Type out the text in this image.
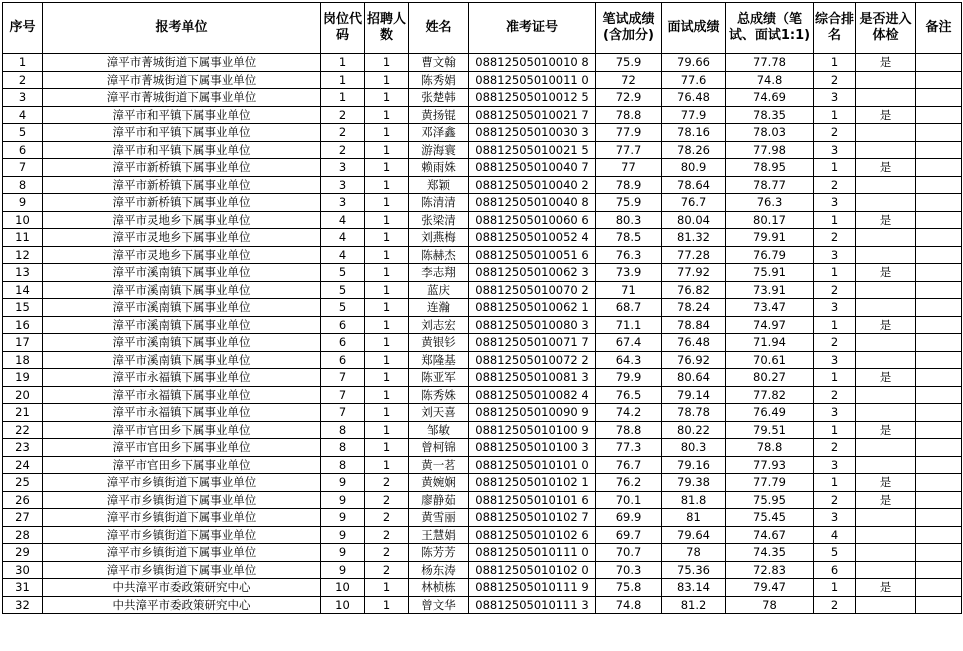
序号	报考单位	岗位代码	招聘人数	姓名	准考证号	笔试成绩(含加分)	面试成绩	总成绩（笔试、面试1:1)	综合排名	是否进入体检	备注
1	漳平市菁城街道下属事业单位	1	1	曹文翰	08812505010010 8	75.9	79.66	77.78	1	是	
2	漳平市菁城街道下属事业单位	1	1	陈秀娟	08812505010011 0	72	77.6	74.8	2		
3	漳平市菁城街道下属事业单位	1	1	张楚韩	08812505010012 5	72.9	76.48	74.69	3		
4	漳平市和平镇下属事业单位	2	1	黄扬锟	08812505010021 7	78.8	77.9	78.35	1	是	
5	漳平市和平镇下属事业单位	2	1	邓泽鑫	08812505010030 3	77.9	78.16	78.03	2		
6	漳平市和平镇下属事业单位	2	1	游海寰	08812505010021 5	77.7	78.26	77.98	3		
7	漳平市新桥镇下属事业单位	3	1	赖雨姝	08812505010040 7	77	80.9	78.95	1	是	
8	漳平市新桥镇下属事业单位	3	1	郑颖	08812505010040 2	78.9	78.64	78.77	2		
9	漳平市新桥镇下属事业单位	3	1	陈清清	08812505010040 8	75.9	76.7	76.3	3		
10	漳平市灵地乡下属事业单位	4	1	张梁清	08812505010060 6	80.3	80.04	80.17	1	是	
11	漳平市灵地乡下属事业单位	4	1	刘燕梅	08812505010052 4	78.5	81.32	79.91	2		
12	漳平市灵地乡下属事业单位	4	1	陈赫杰	08812505010051 6	76.3	77.28	76.79	3		
13	漳平市溪南镇下属事业单位	5	1	李志翔	08812505010062 3	73.9	77.92	75.91	1	是	
14	漳平市溪南镇下属事业单位	5	1	蓝庆	08812505010070 2	71	76.82	73.91	2		
15	漳平市溪南镇下属事业单位	5	1	连瀚	08812505010062 1	68.7	78.24	73.47	3		
16	漳平市溪南镇下属事业单位	6	1	刘志宏	08812505010080 3	71.1	78.84	74.97	1	是	
17	漳平市溪南镇下属事业单位	6	1	黄银钐	08812505010071 7	67.4	76.48	71.94	2		
18	漳平市溪南镇下属事业单位	6	1	郑隆基	08812505010072 2	64.3	76.92	70.61	3		
19	漳平市永福镇下属事业单位	7	1	陈亚军	08812505010081 3	79.9	80.64	80.27	1	是	
20	漳平市永福镇下属事业单位	7	1	陈秀姝	08812505010082 4	76.5	79.14	77.82	2		
21	漳平市永福镇下属事业单位	7	1	刘天喜	08812505010090 9	74.2	78.78	76.49	3		
22	漳平市官田乡下属事业单位	8	1	邹敏	08812505010100 9	78.8	80.22	79.51	1	是	
23	漳平市官田乡下属事业单位	8	1	曾柯锦	08812505010100 3	77.3	80.3	78.8	2		
24	漳平市官田乡下属事业单位	8	1	黄一茗	08812505010101 0	76.7	79.16	77.93	3		
25	漳平市乡镇街道下属事业单位	9	2	黄婉娴	08812505010102 1	76.2	79.38	77.79	1	是	
26	漳平市乡镇街道下属事业单位	9	2	廖静茹	08812505010101 6	70.1	81.8	75.95	2	是	
27	漳平市乡镇街道下属事业单位	9	2	黄雪丽	08812505010102 7	69.9	81	75.45	3		
28	漳平市乡镇街道下属事业单位	9	2	王慧娟	08812505010102 6	69.7	79.64	74.67	4		
29	漳平市乡镇街道下属事业单位	9	2	陈芳芳	08812505010111 0	70.7	78	74.35	5		
30	漳平市乡镇街道下属事业单位	9	2	杨东涛	08812505010102 0	70.3	75.36	72.83	6		
31	中共漳平市委政策研究中心	10	1	林桢栋	08812505010111 9	75.8	83.14	79.47	1	是	
32	中共漳平市委政策研究中心	10	1	曾文华	08812505010111 3	74.8	81.2	78	2		
